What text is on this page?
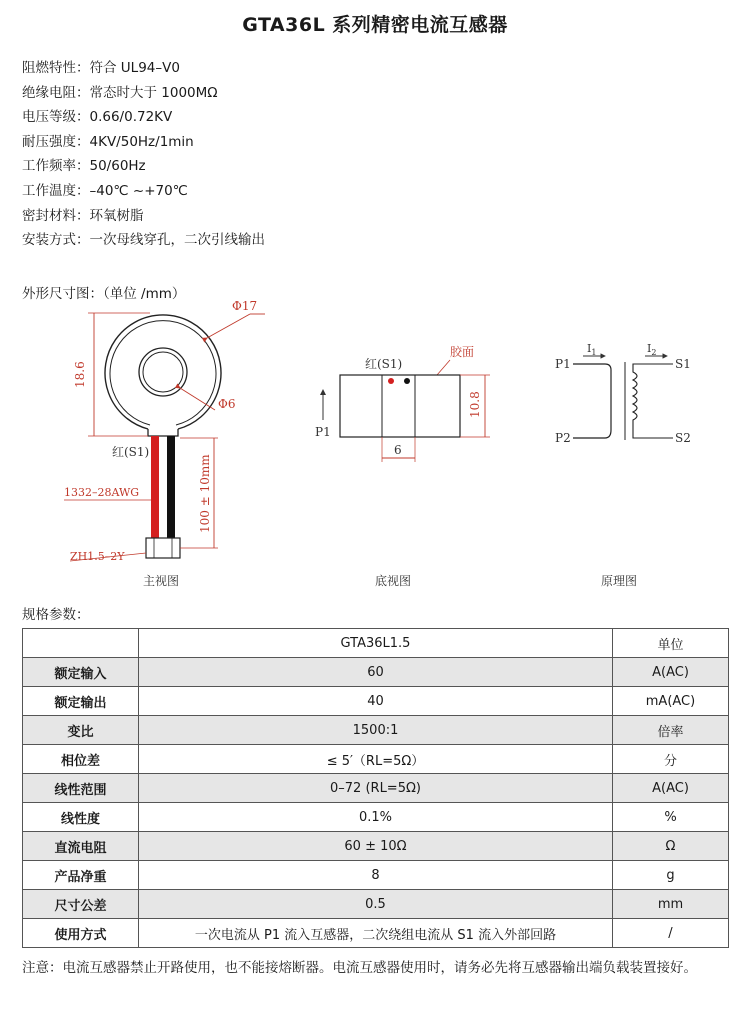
GTA36L 系列精密电流互感器
阻燃特性：符合 UL94–V0
绝缘电阻：常态时大于 1000MΩ
电压等级：0.66/0.72KV
耐压强度：4KV/50Hz/1min
工作频率：50/60Hz
工作温度：–40℃ ~+70℃
密封材料：环氧树脂
安装方式：一次母线穿孔，二次引线输出
外形尺寸图：（单位 /mm）
Φ17
Φ6
18.6
红(S1)
100 ± 10mm
1332–28AWG
ZH1.5–2Y
主视图
红(S1)
胶面
10.8
6
P1
底视图
$I_1$	$I_2$
P1
P2
S1
S2
原理图
规格参数：
	GTA36L1.5	单位
额定输入	60	A(AC)
额定输出	40	mA(AC)
变比	1500:1	倍率
相位差	≤ 5′（RL=5Ω）	分
线性范围	0–72 (RL=5Ω)	A(AC)
线性度	0.1%	%
直流电阻	60 ± 10Ω	Ω
产品净重	8	g
尺寸公差	0.5	mm
使用方式	一次电流从 P1 流入互感器，二次绕组电流从 S1 流入外部回路	/
注意：电流互感器禁止开路使用，也不能接熔断器。电流互感器使用时，请务必先将互感器输出端负载装置接好。
